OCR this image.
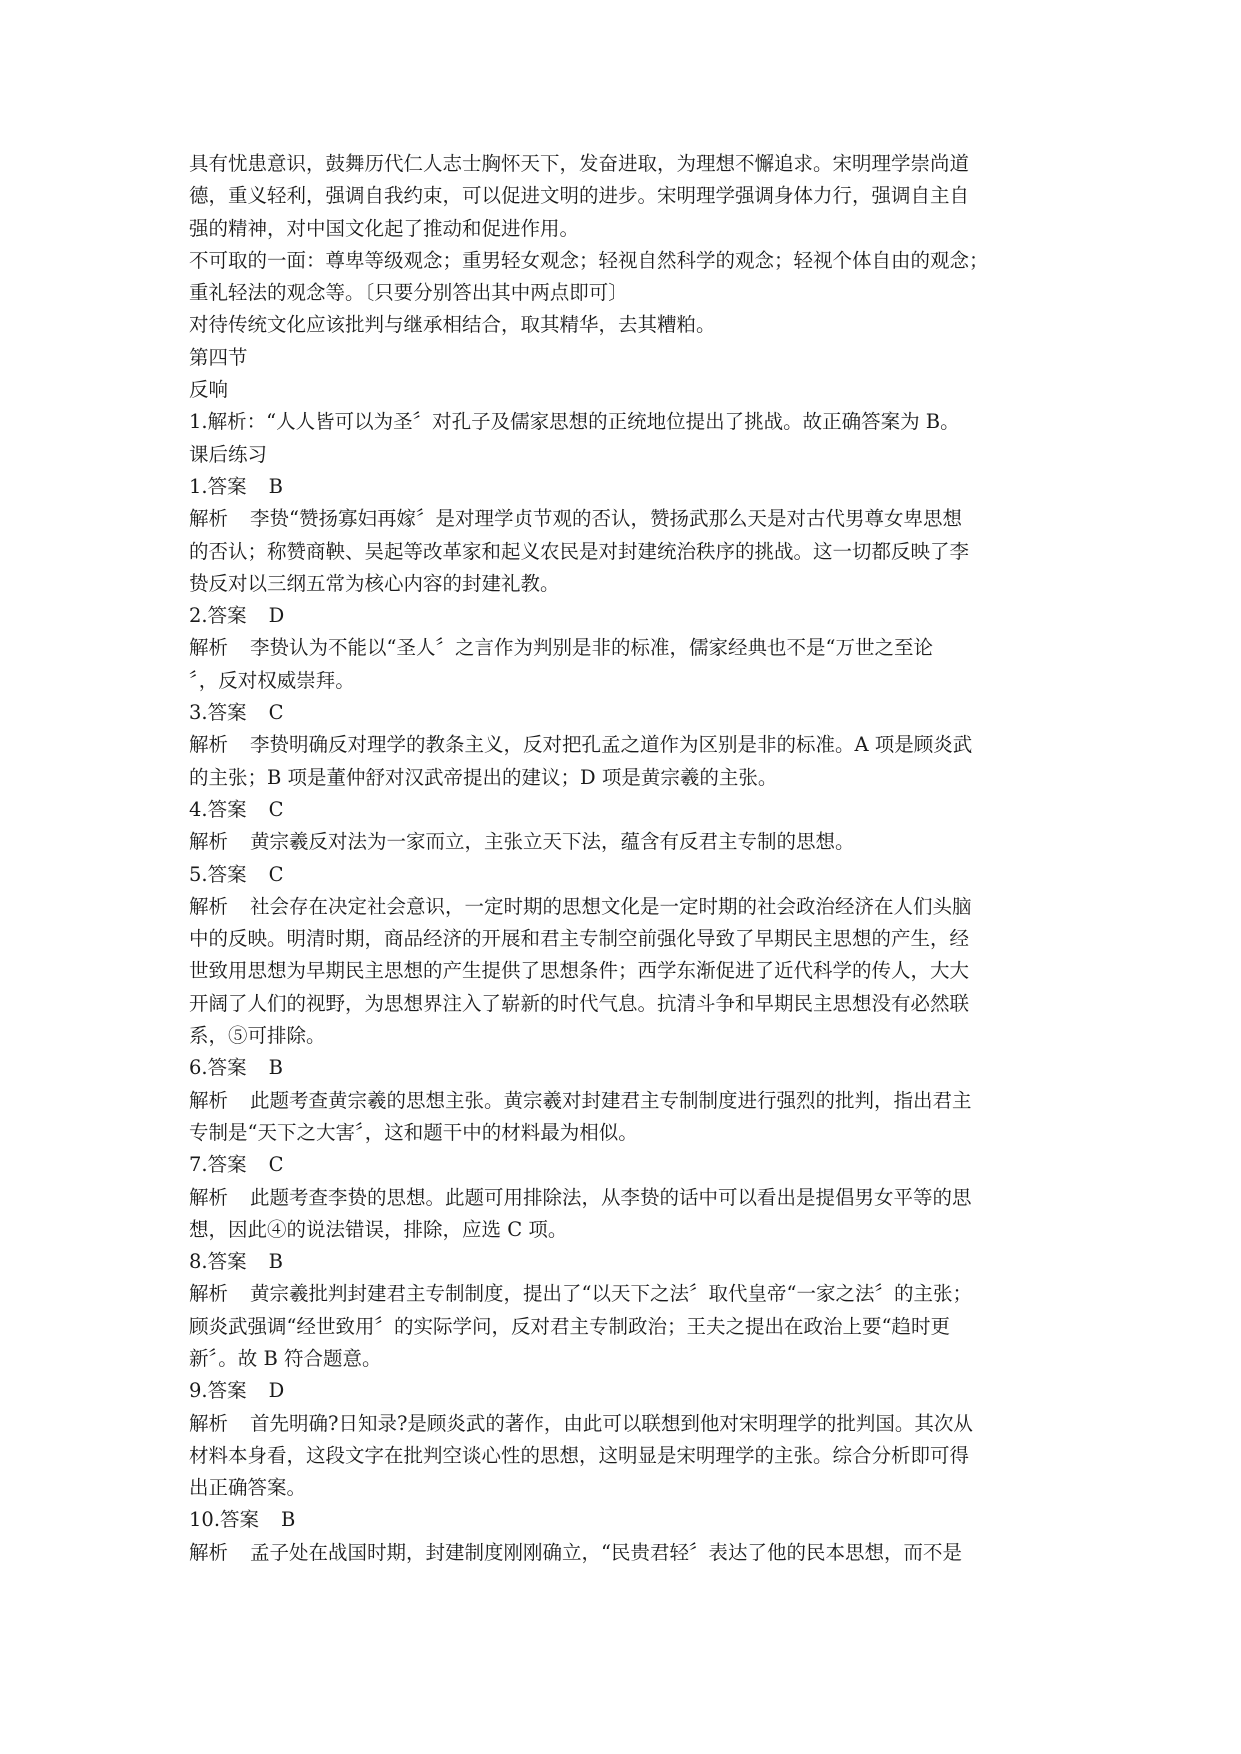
具有忧患意识，鼓舞历代仁人志士胸怀天下，发奋进取，为理想不懈追求。宋明理学崇尚道
德，重义轻利，强调自我约束，可以促进文明的进步。宋明理学强调身体力行，强调自主自
强的精神，对中国文化起了推动和促进作用。
不可取的一面：尊卑等级观念；重男轻女观念；轻视自然科学的观念；轻视个体自由的观念；
重礼轻法的观念等。〔只要分别答出其中两点即可〕
对待传统文化应该批判与继承相结合，取其精华，去其糟粕。
第四节
反响
1.解析：“人人皆可以为圣〞对孔子及儒家思想的正统地位提出了挑战。故正确答案为 B。
课后练习
1.答案 B
解析 李贽“赞扬寡妇再嫁〞是对理学贞节观的否认，赞扬武那么天是对古代男尊女卑思想
的否认；称赞商鞅、吴起等改革家和起义农民是对封建统治秩序的挑战。这一切都反映了李
贽反对以三纲五常为核心内容的封建礼教。
2.答案 D
解析 李贽认为不能以“圣人〞之言作为判别是非的标准，儒家经典也不是“万世之至论
〞，反对权威崇拜。
3.答案 C
解析 李贽明确反对理学的教条主义，反对把孔孟之道作为区别是非的标准。A 项是顾炎武
的主张；B 项是董仲舒对汉武帝提出的建议；D 项是黄宗羲的主张。
4.答案 C
解析 黄宗羲反对法为一家而立，主张立天下法，蕴含有反君主专制的思想。
5.答案 C
解析 社会存在决定社会意识，一定时期的思想文化是一定时期的社会政治经济在人们头脑
中的反映。明清时期，商品经济的开展和君主专制空前强化导致了早期民主思想的产生，经
世致用思想为早期民主思想的产生提供了思想条件；西学东渐促进了近代科学的传人，大大
开阔了人们的视野，为思想界注入了崭新的时代气息。抗清斗争和早期民主思想没有必然联
系，⑤可排除。
6.答案 B
解析 此题考查黄宗羲的思想主张。黄宗羲对封建君主专制制度进行强烈的批判，指出君主
专制是“天下之大害〞，这和题干中的材料最为相似。
7.答案 C
解析 此题考查李贽的思想。此题可用排除法，从李贽的话中可以看出是提倡男女平等的思
想，因此④的说法错误，排除，应选 C 项。
8.答案 B
解析 黄宗羲批判封建君主专制制度，提出了“以天下之法〞取代皇帝“一家之法〞的主张；
顾炎武强调“经世致用〞的实际学问，反对君主专制政治；王夫之提出在政治上要“趋时更
新〞。故 B 符合题意。
9.答案 D
解析 首先明确?日知录?是顾炎武的著作，由此可以联想到他对宋明理学的批判国。其次从
材料本身看，这段文字在批判空谈心性的思想，这明显是宋明理学的主张。综合分析即可得
出正确答案。
10.答案 B
解析 孟子处在战国时期，封建制度刚刚确立，“民贵君轻〞表达了他的民本思想，而不是
